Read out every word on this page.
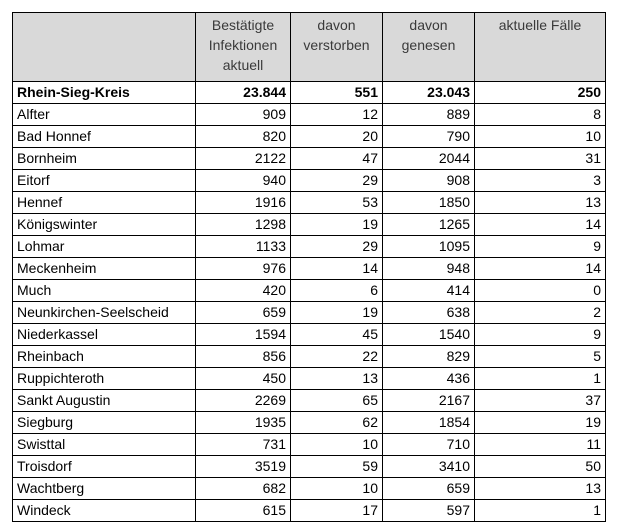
	Bestätigte Infektionen aktuell	davon verstorben	davon genesen	aktuelle Fälle
Rhein-Sieg-Kreis	23.844	551	23.043	250
Alfter	909	12	889	8
Bad Honnef	820	20	790	10
Bornheim	2122	47	2044	31
Eitorf	940	29	908	3
Hennef	1916	53	1850	13
Königswinter	1298	19	1265	14
Lohmar	1133	29	1095	9
Meckenheim	976	14	948	14
Much	420	6	414	0
Neunkirchen-Seelscheid	659	19	638	2
Niederkassel	1594	45	1540	9
Rheinbach	856	22	829	5
Ruppichteroth	450	13	436	1
Sankt Augustin	2269	65	2167	37
Siegburg	1935	62	1854	19
Swisttal	731	10	710	11
Troisdorf	3519	59	3410	50
Wachtberg	682	10	659	13
Windeck	615	17	597	1
